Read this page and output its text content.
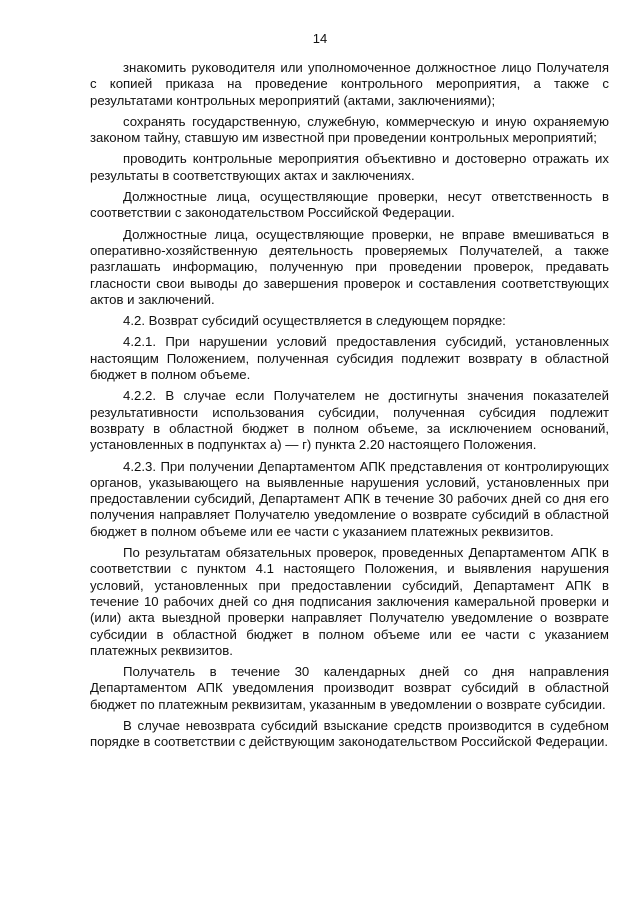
14

знакомить руководителя или уполномоченное должностное лицо Получателя с копией приказа на проведение контрольного мероприятия, а также с результатами контрольных мероприятий (актами, заключениями);

сохранять государственную, служебную, коммерческую и иную охраняемую законом тайну, ставшую им известной при проведении контрольных мероприятий;

проводить контрольные мероприятия объективно и достоверно отражать их результаты в соответствующих актах и заключениях.

Должностные лица, осуществляющие проверки, несут ответственность в соответствии с законодательством Российской Федерации.

Должностные лица, осуществляющие проверки, не вправе вмешиваться в оперативно-хозяйственную деятельность проверяемых Получателей, а также разглашать информацию, полученную при проведении проверок, предавать гласности свои выводы до завершения проверок и составления соответствующих актов и заключений.

4.2. Возврат субсидий осуществляется в следующем порядке:

4.2.1. При нарушении условий предоставления субсидий, установленных настоящим Положением, полученная субсидия подлежит возврату в областной бюджет в полном объеме.

4.2.2. В случае если Получателем не достигнуты значения показателей результативности использования субсидии, полученная субсидия подлежит возврату в областной бюджет в полном объеме, за исключением оснований, установленных в подпунктах а) — г) пункта 2.20 настоящего Положения.

4.2.3. При получении Департаментом АПК представления от контролирующих органов, указывающего на выявленные нарушения условий, установленных при предоставлении субсидий, Департамент АПК в течение 30 рабочих дней со дня его получения направляет Получателю уведомление о возврате субсидий в областной бюджет в полном объеме или ее части с указанием платежных реквизитов.

По результатам обязательных проверок, проведенных Департаментом АПК в соответствии с пунктом 4.1 настоящего Положения, и выявления нарушения условий, установленных при предоставлении субсидий, Департамент АПК в течение 10 рабочих дней со дня подписания заключения камеральной проверки и (или) акта выездной проверки направляет Получателю уведомление о возврате субсидии в областной бюджет в полном объеме или ее части с указанием платежных реквизитов.

Получатель в течение 30 календарных дней со дня направления Департаментом АПК уведомления производит возврат субсидий в областной бюджет по платежным реквизитам, указанным в уведомлении о возврате субсидии.

В случае невозврата субсидий взыскание средств производится в судебном порядке в соответствии с действующим законодательством Российской Федерации.
